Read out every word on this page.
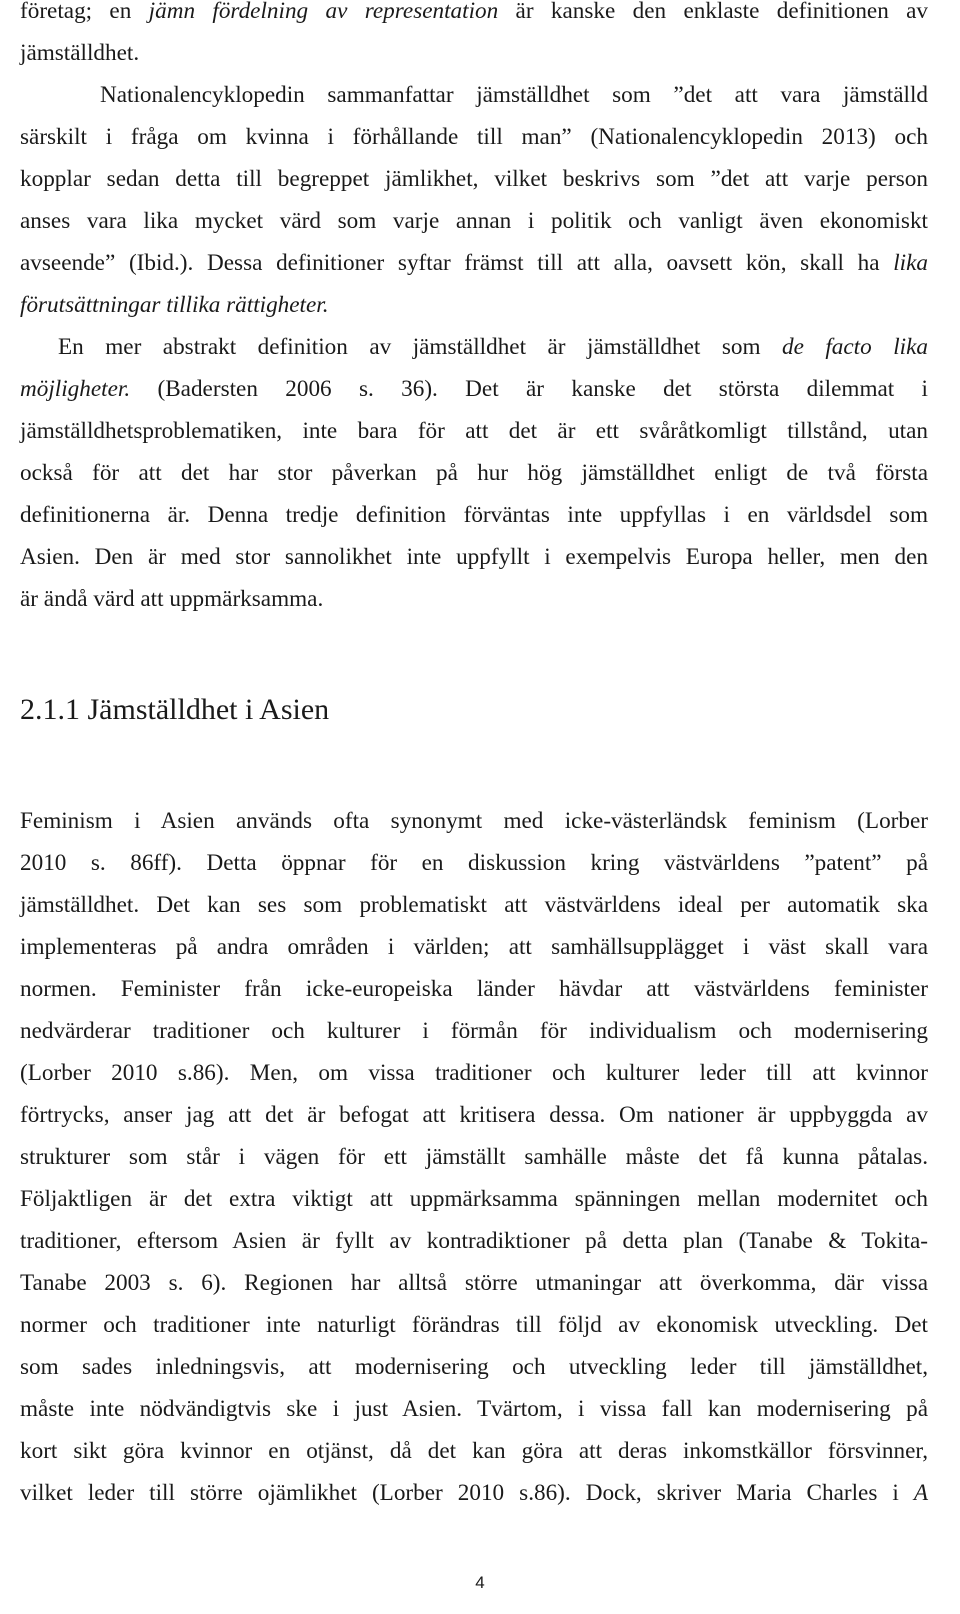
företag; en jämn fördelning av representation är kanske den enklaste definitionen av
jämställdhet.
Nationalencyklopedin sammanfattar jämställdhet som ”det att vara jämställd
särskilt i fråga om kvinna i förhållande till man” (Nationalencyklopedin 2013) och
kopplar sedan detta till begreppet jämlikhet, vilket beskrivs som ”det att varje person
anses vara lika mycket värd som varje annan i politik och vanligt även ekonomiskt
avseende” (Ibid.). Dessa definitioner syftar främst till att alla, oavsett kön, skall ha lika
förutsättningar tillika rättigheter.
En mer abstrakt definition av jämställdhet är jämställdhet som de facto lika
möjligheter. (Badersten 2006 s. 36). Det är kanske det största dilemmat i
jämställdhetsproblematiken, inte bara för att det är ett svåråtkomligt tillstånd, utan
också för att det har stor påverkan på hur hög jämställdhet enligt de två första
definitionerna är. Denna tredje definition förväntas inte uppfyllas i en världsdel som
Asien. Den är med stor sannolikhet inte uppfyllt i exempelvis Europa heller, men den
är ändå värd att uppmärksamma.
2.1.1 Jämställdhet i Asien
Feminism i Asien används ofta synonymt med icke-västerländsk feminism (Lorber
2010 s. 86ff). Detta öppnar för en diskussion kring västvärldens ”patent” på
jämställdhet. Det kan ses som problematiskt att västvärldens ideal per automatik ska
implementeras på andra områden i världen; att samhällsupplägget i väst skall vara
normen. Feminister från icke-europeiska länder hävdar att västvärldens feminister
nedvärderar traditioner och kulturer i förmån för individualism och modernisering
(Lorber 2010 s.86). Men, om vissa traditioner och kulturer leder till att kvinnor
förtrycks, anser jag att det är befogat att kritisera dessa. Om nationer är uppbyggda av
strukturer som står i vägen för ett jämställt samhälle måste det få kunna påtalas.
Följaktligen är det extra viktigt att uppmärksamma spänningen mellan modernitet och
traditioner, eftersom Asien är fyllt av kontradiktioner på detta plan (Tanabe & Tokita-
Tanabe 2003 s. 6). Regionen har alltså större utmaningar att överkomma, där vissa
normer och traditioner inte naturligt förändras till följd av ekonomisk utveckling. Det
som sades inledningsvis, att modernisering och utveckling leder till jämställdhet,
måste inte nödvändigtvis ske i just Asien. Tvärtom, i vissa fall kan modernisering på
kort sikt göra kvinnor en otjänst, då det kan göra att deras inkomstkällor försvinner,
vilket leder till större ojämlikhet (Lorber 2010 s.86). Dock, skriver Maria Charles i A
4
